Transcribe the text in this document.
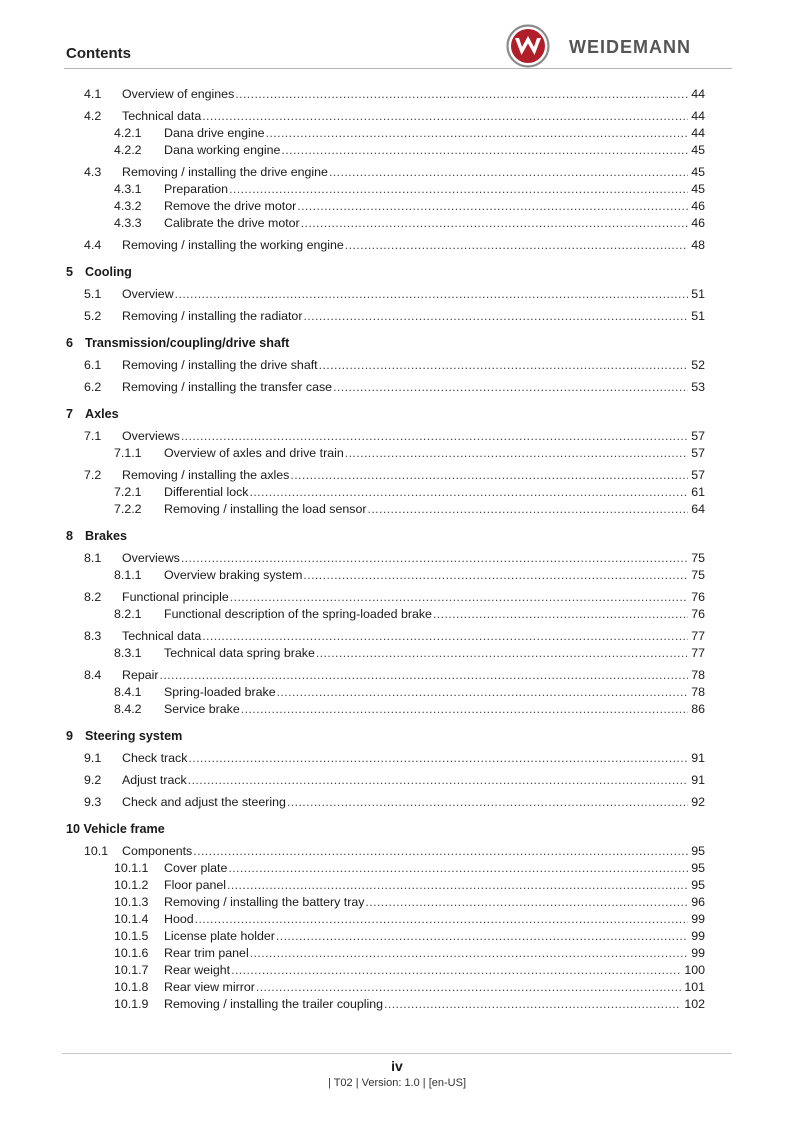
Contents	WEIDEMANN
4.1 Overview of engines .....	44
4.2 Technical data .....	44
4.2.1 Dana drive engine .....	44
4.2.2 Dana working engine .....	45
4.3 Removing / installing the drive engine .....	45
4.3.1 Preparation .....	45
4.3.2 Remove the drive motor .....	46
4.3.3 Calibrate the drive motor .....	46
4.4 Removing / installing the working engine .....	48
5 Cooling
5.1 Overview .....	51
5.2 Removing / installing the radiator .....	51
6 Transmission/coupling/drive shaft
6.1 Removing / installing the drive shaft .....	52
6.2 Removing / installing the transfer case .....	53
7 Axles
7.1 Overviews .....	57
7.1.1 Overview of axles and drive train .....	57
7.2 Removing / installing the axles .....	57
7.2.1 Differential lock .....	61
7.2.2 Removing / installing the load sensor .....	64
8 Brakes
8.1 Overviews .....	75
8.1.1 Overview braking system .....	75
8.2 Functional principle .....	76
8.2.1 Functional description of the spring-loaded brake .....	76
8.3 Technical data .....	77
8.3.1 Technical data spring brake .....	77
8.4 Repair .....	78
8.4.1 Spring-loaded brake .....	78
8.4.2 Service brake .....	86
9 Steering system
9.1 Check track .....	91
9.2 Adjust track .....	91
9.3 Check and adjust the steering .....	92
10 Vehicle frame
10.1 Components .....	95
10.1.1 Cover plate .....	95
10.1.2 Floor panel .....	95
10.1.3 Removing / installing the battery tray .....	96
10.1.4 Hood .....	99
10.1.5 License plate holder .....	99
10.1.6 Rear trim panel .....	99
10.1.7 Rear weight .....	100
10.1.8 Rear view mirror .....	101
10.1.9 Removing / installing the trailer coupling .....	102
iv
| T02 | Version: 1.0 | [en-US]
